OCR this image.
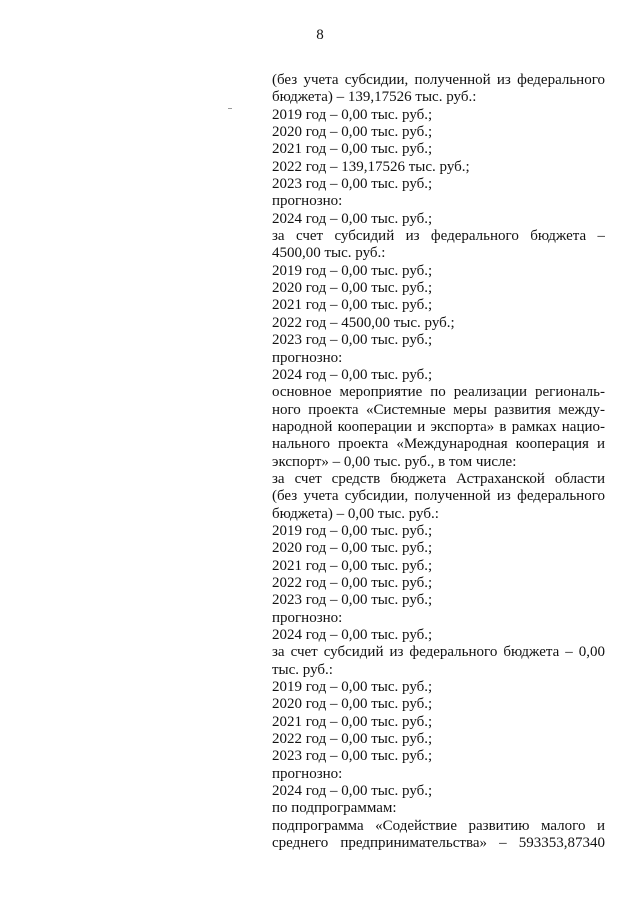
8
(без учета субсидии, полученной из федерального
бюджета) – 139,17526 тыс. руб.:
2019 год – 0,00 тыс. руб.;
2020 год – 0,00 тыс. руб.;
2021 год – 0,00 тыс. руб.;
2022 год – 139,17526 тыс. руб.;
2023 год – 0,00 тыс. руб.;
прогнозно:
2024 год – 0,00 тыс. руб.;
за счет субсидий из федерального бюджета –
4500,00 тыс. руб.:
2019 год – 0,00 тыс. руб.;
2020 год – 0,00 тыс. руб.;
2021 год – 0,00 тыс. руб.;
2022 год – 4500,00 тыс. руб.;
2023 год – 0,00 тыс. руб.;
прогнозно:
2024 год – 0,00 тыс. руб.;
основное мероприятие по реализации региональ-
ного проекта «Системные меры развития между-
народной кооперации и экспорта» в рамках нацио-
нального проекта «Международная кооперация и
экспорт» – 0,00 тыс. руб., в том числе:
за счет средств бюджета Астраханской области
(без учета субсидии, полученной из федерального
бюджета) – 0,00 тыс. руб.:
2019 год – 0,00 тыс. руб.;
2020 год – 0,00 тыс. руб.;
2021 год – 0,00 тыс. руб.;
2022 год – 0,00 тыс. руб.;
2023 год – 0,00 тыс. руб.;
прогнозно:
2024 год – 0,00 тыс. руб.;
за счет субсидий из федерального бюджета – 0,00
тыс. руб.:
2019 год – 0,00 тыс. руб.;
2020 год – 0,00 тыс. руб.;
2021 год – 0,00 тыс. руб.;
2022 год – 0,00 тыс. руб.;
2023 год – 0,00 тыс. руб.;
прогнозно:
2024 год – 0,00 тыс. руб.;
по подпрограммам:
подпрограмма «Содействие развитию малого и
среднего предпринимательства» – 593353,87340
